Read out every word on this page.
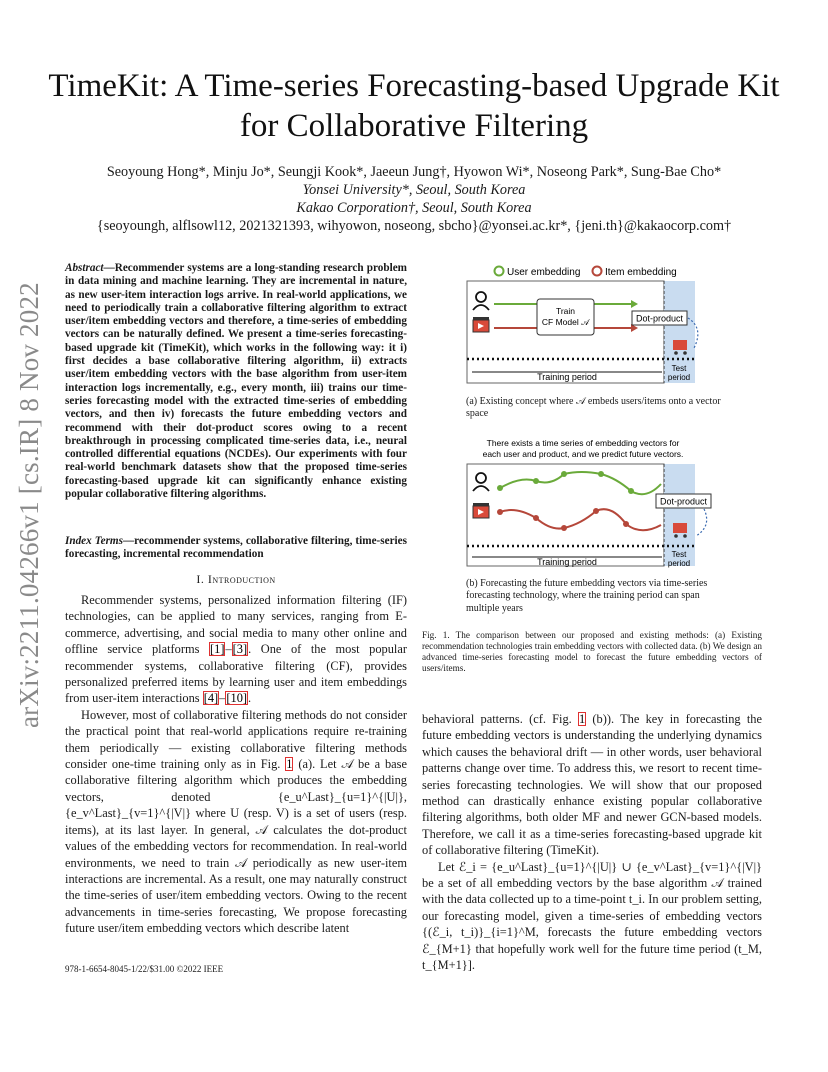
TimeKit: A Time-series Forecasting-based Upgrade Kit for Collaborative Filtering
Seoyoung Hong*, Minju Jo*, Seungji Kook*, Jaeeun Jung†, Hyowon Wi*, Noseong Park*, Sung-Bae Cho*
Yonsei University*, Seoul, South Korea
Kakao Corporation†, Seoul, South Korea
{seoyoungh, alflsowl12, 2021321393, wihyowon, noseong, sbcho}@yonsei.ac.kr*, {jeni.th}@kakaocorp.com†
arXiv:2211.04266v1 [cs.IR] 8 Nov 2022
Abstract—Recommender systems are a long-standing research problem in data mining and machine learning. They are incremental in nature, as new user-item interaction logs arrive. In real-world applications, we need to periodically train a collaborative filtering algorithm to extract user/item embedding vectors and therefore, a time-series of embedding vectors can be naturally defined. We present a time-series forecasting-based upgrade kit (TimeKit), which works in the following way: it i) first decides a base collaborative filtering algorithm, ii) extracts user/item embedding vectors with the base algorithm from user-item interaction logs incrementally, e.g., every month, iii) trains our time-series forecasting model with the extracted time-series of embedding vectors, and then iv) forecasts the future embedding vectors and recommend with their dot-product scores owing to a recent breakthrough in processing complicated time-series data, i.e., neural controlled differential equations (NCDEs). Our experiments with four real-world benchmark datasets show that the proposed time-series forecasting-based upgrade kit can significantly enhance existing popular collaborative filtering algorithms.
Index Terms—recommender systems, collaborative filtering, time-series forecasting, incremental recommendation
I. Introduction

Recommender systems, personalized information filtering (IF) technologies, can be applied to many services, ranging from E-commerce, advertising, and social media to many other online and offline service platforms [1]–[3]. One of the most popular recommender systems, collaborative filtering (CF), provides personalized preferred items by learning user and item embeddings from user-item interactions [4]–[10].

However, most of collaborative filtering methods do not consider the practical point that real-world applications require re-training them periodically — existing collaborative filtering methods consider one-time training only as in Fig. 1 (a). Let 𝒜 be a base collaborative filtering algorithm which produces the embedding vectors, denoted {e_u^Last}_{u=1}^{|U|}, {e_v^Last}_{v=1}^{|V|} where U (resp. V) is a set of users (resp. items), at its last layer. In general, 𝒜 calculates the dot-product values of the embedding vectors for recommendation. In real-world environments, we need to train 𝒜 periodically as new user-item interactions are incremental. As a result, one may naturally construct the time-series of user/item embedding vectors. Owing to the recent advancements in time-series forecasting, We propose forecasting future user/item embedding vectors which describe latent

978-1-6654-8045-1/22/$31.00 ©2022 IEEE
User embedding Item embedding
Train
CF Model 𝒜	Dot-product
Training period
Test
period
(a) Existing concept where 𝒜 embeds users/items onto a vector space
There exists a time series of embedding vectors for
each user and product, and we predict future vectors.
Dot-product
Training period
Test
period
(b) Forecasting the future embedding vectors via time-series forecasting technology, where the training period can span multiple years
Fig. 1. The comparison between our proposed and existing methods: (a) Existing recommendation technologies train embedding vectors with collected data. (b) We design an advanced time-series forecasting model to forecast the future embedding vectors of users/items.

behavioral patterns. (cf. Fig. 1 (b)). The key in forecasting the future embedding vectors is understanding the underlying dynamics which causes the behavioral drift — in other words, user behavioral patterns change over time. To address this, we resort to recent time-series forecasting technologies. We will show that our proposed method can drastically enhance existing popular collaborative filtering algorithms, both older MF and newer GCN-based models. Therefore, we call it as a time-series forecasting-based upgrade kit of collaborative filtering (TimeKit).

Let ℰ_i = {e_u^Last}_{u=1}^{|U|} ∪ {e_v^Last}_{v=1}^{|V|} be a set of all embedding vectors by the base algorithm 𝒜 trained with the data collected up to a time-point t_i. In our problem setting, our forecasting model, given a time-series of embedding vectors {(ℰ_i, t_i)}_{i=1}^M, forecasts the future embedding vectors ℰ_{M+1} that hopefully work well for the future time period (t_M, t_{M+1}].
